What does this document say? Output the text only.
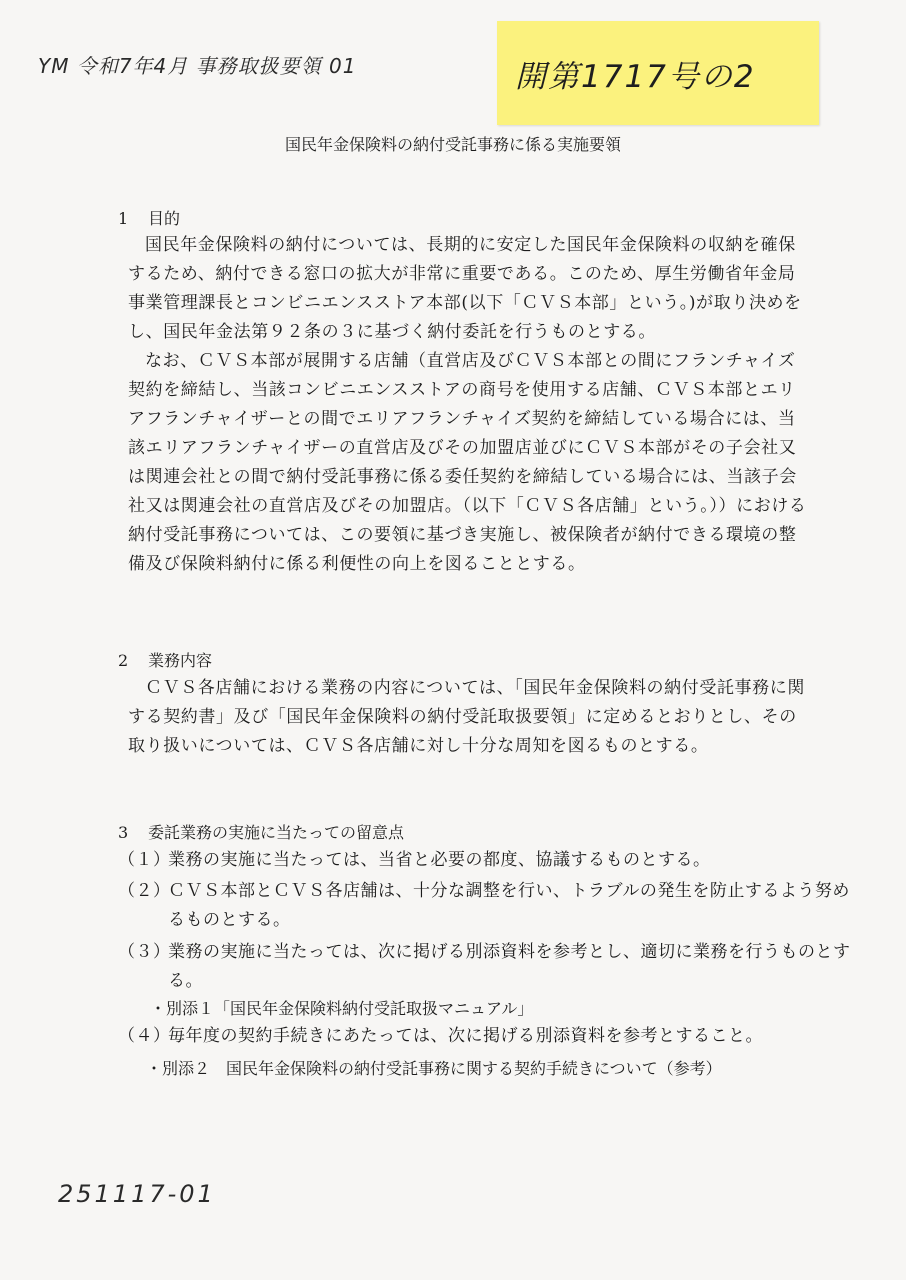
YM 令和7年4月 事務取扱要領 01	開第1717号の2
国民年金保険料の納付受託事務に係る実施要領
1 目的

国民年金保険料の納付については、長期的に安定した国民年金保険料の収納を確保するため、納付できる窓口の拡大が非常に重要である。このため、厚生労働省年金局事業管理課長とコンビニエンスストア本部(以下「ＣＶＳ本部」という。)が取り決めをし、国民年金法第９２条の３に基づく納付委託を行うものとする。

なお、ＣＶＳ本部が展開する店舗（直営店及びＣＶＳ本部との間にフランチャイズ契約を締結し、当該コンビニエンスストアの商号を使用する店舗、ＣＶＳ本部とエリアフランチャイザーとの間でエリアフランチャイズ契約を締結している場合には、当該エリアフランチャイザーの直営店及びその加盟店並びにＣＶＳ本部がその子会社又は関連会社との間で納付受託事務に係る委任契約を締結している場合には、当該子会社又は関連会社の直営店及びその加盟店。（以下「ＣＶＳ各店舗」という。））における納付受託事務については、この要領に基づき実施し、被保険者が納付できる環境の整備及び保険料納付に係る利便性の向上を図ることとする。

2 業務内容

ＣＶＳ各店舗における業務の内容については、「国民年金保険料の納付受託事務に関する契約書」及び「国民年金保険料の納付受託取扱要領」に定めるとおりとし、その取り扱いについては、ＣＶＳ各店舗に対し十分な周知を図るものとする。

3 委託業務の実施に当たっての留意点

（１）業務の実施に当たっては、当省と必要の都度、協議するものとする。

（２）ＣＶＳ本部とＣＶＳ各店舗は、十分な調整を行い、トラブルの発生を防止するよう努めるものとする。

（３）業務の実施に当たっては、次に掲げる別添資料を参考とし、適切に業務を行うものとする。

・別添１「国民年金保険料納付受託取扱マニュアル」

（４）毎年度の契約手続きにあたっては、次に掲げる別添資料を参考とすること。

・別添２　国民年金保険料の納付受託事務に関する契約手続きについて（参考）
251117-01
